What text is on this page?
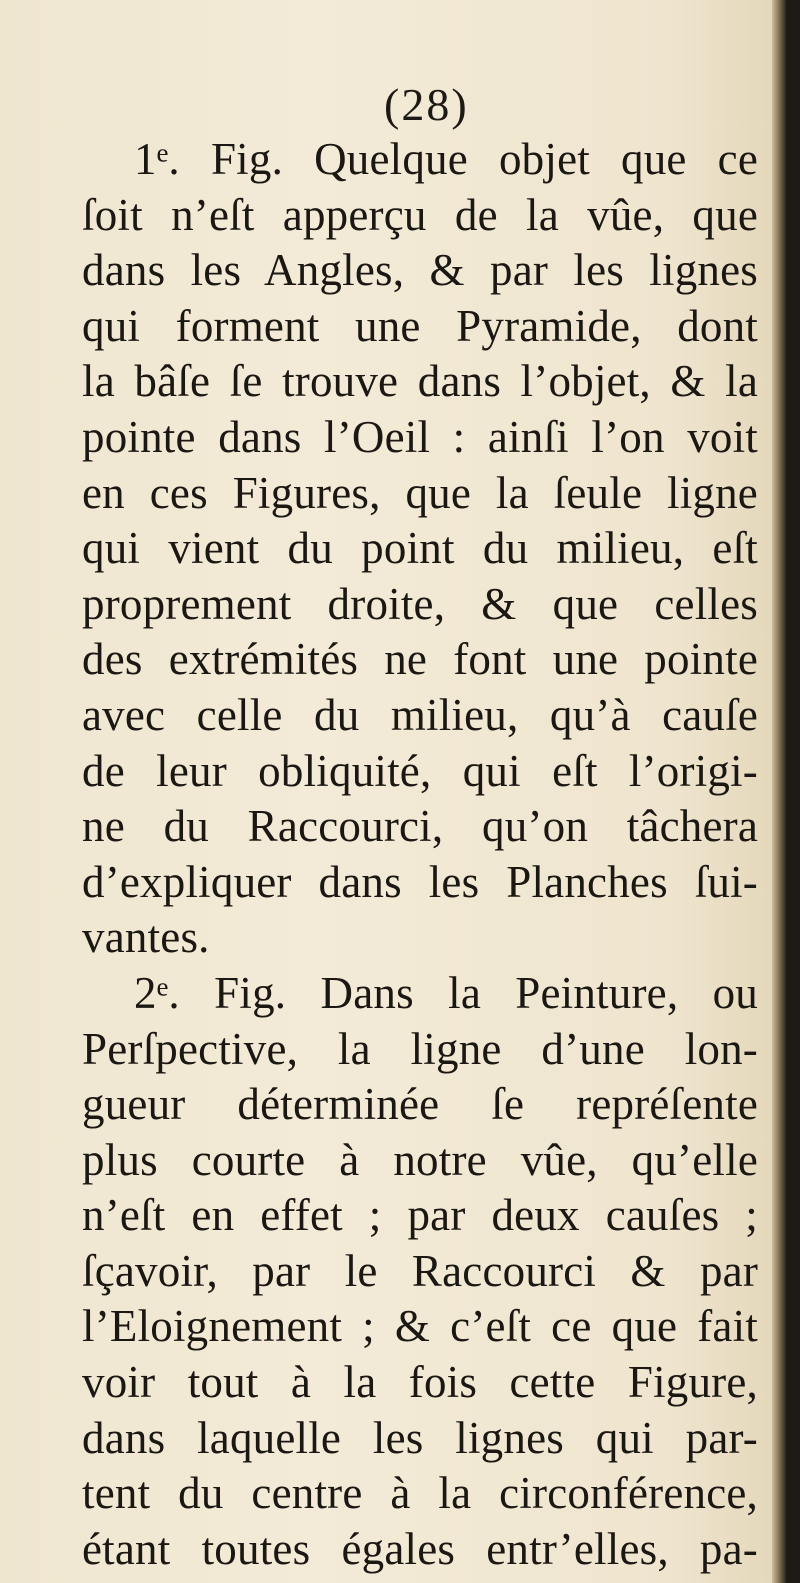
(28)
1ᵉ. Fig. Quelque objet que ce
ſoit n’eſt apperçu de la vûe, que
dans les Angles, & par les lignes
qui forment une Pyramide, dont
la bâſe ſe trouve dans l’objet, & la
pointe dans l’Oeil : ainſi l’on voit
en ces Figures, que la ſeule ligne
qui vient du point du milieu, eſt
proprement droite, & que celles
des extrémités ne font une pointe
avec celle du milieu, qu’à cauſe
de leur obliquité, qui eſt l’origi-
ne du Raccourci, qu’on tâchera
d’expliquer dans les Planches ſui-
vantes.
2ᵉ. Fig. Dans la Peinture, ou
Perſpective, la ligne d’une lon-
gueur déterminée ſe repréſente
plus courte à notre vûe, qu’elle
n’eſt en effet ; par deux cauſes ;
ſçavoir, par le Raccourci & par
l’Eloignement ; & c’eſt ce que fait
voir tout à la fois cette Figure,
dans laquelle les lignes qui par-
tent du centre à la circonférence,
étant toutes égales entr’elles, pa-
